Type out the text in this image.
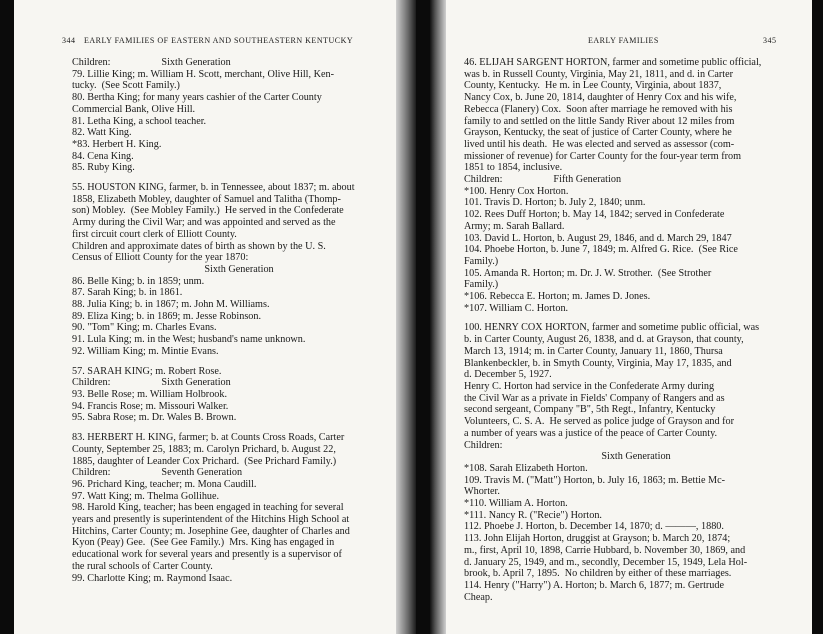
344 EARLY FAMILIES OF EASTERN AND SOUTHEASTERN KENTUCKY
Children:                    Sixth Generation
79. Lillie King; m. William H. Scott, merchant, Olive Hill, Ken-
tucky.  (See Scott Family.)
80. Bertha King; for many years cashier of the Carter County
Commercial Bank, Olive Hill.
81. Letha King, a school teacher.
82. Watt King.
*83. Herbert H. King.
84. Cena King.
85. Ruby King.
55. HOUSTON KING, farmer, b. in Tennessee, about 1837; m. about
1858, Elizabeth Mobley, daughter of Samuel and Talitha (Thomp-
son) Mobley.  (See Mobley Family.)  He served in the Confederate
Army during the Civil War; and was appointed and served as the
first circuit court clerk of Elliott County.
Children and approximate dates of birth as shown by the U. S.
Census of Elliott County for the year 1870:
Sixth Generation
86. Belle King; b. in 1859; unm.
87. Sarah King; b. in 1861.
88. Julia King; b. in 1867; m. John M. Williams.
89. Eliza King; b. in 1869; m. Jesse Robinson.
90. "Tom" King; m. Charles Evans.
91. Lula King; m. in the West; husband's name unknown.
92. William King; m. Mintie Evans.
57. SARAH KING; m. Robert Rose.
Children:                    Sixth Generation
93. Belle Rose; m. William Holbrook.
94. Francis Rose; m. Missouri Walker.
95. Sabra Rose; m. Dr. Wales B. Brown.
83. HERBERT H. KING, farmer; b. at Counts Cross Roads, Carter
County, September 25, 1883; m. Carolyn Prichard, b. August 22,
1885, daughter of Leander Cox Prichard.  (See Prichard Family.)
Children:                    Seventh Generation
96. Prichard King, teacher; m. Mona Caudill.
97. Watt King; m. Thelma Gollihue.
98. Harold King, teacher; has been engaged in teaching for several
years and presently is superintendent of the Hitchins High School at
Hitchins, Carter County; m. Josephine Gee, daughter of Charles and
Kyon (Peay) Gee.  (See Gee Family.)  Mrs. King has engaged in
educational work for several years and presently is a supervisor of
the rural schools of Carter County.
99. Charlotte King; m. Raymond Isaac.
EARLY FAMILIES	345
46. ELIJAH SARGENT HORTON, farmer and sometime public official,
was b. in Russell County, Virginia, May 21, 1811, and d. in Carter
County, Kentucky.  He m. in Lee County, Virginia, about 1837,
Nancy Cox, b. June 20, 1814, daughter of Henry Cox and his wife,
Rebecca (Flanery) Cox.  Soon after marriage he removed with his
family to and settled on the little Sandy River about 12 miles from
Grayson, Kentucky, the seat of justice of Carter County, where he
lived until his death.  He was elected and served as assessor (com-
missioner of revenue) for Carter County for the four-year term from
1851 to 1854, inclusive.
Children:                    Fifth Generation
*100. Henry Cox Horton.
101. Travis D. Horton; b. July 2, 1840; unm.
102. Rees Duff Horton; b. May 14, 1842; served in Confederate
Army; m. Sarah Ballard.
103. David L. Horton, b. August 29, 1846, and d. March 29, 1847
104. Phoebe Horton, b. June 7, 1849; m. Alfred G. Rice.  (See Rice
Family.)
105. Amanda R. Horton; m. Dr. J. W. Strother.  (See Strother
Family.)
*106. Rebecca E. Horton; m. James D. Jones.
*107. William C. Horton.
100. HENRY COX HORTON, farmer and sometime public official, was
b. in Carter County, August 26, 1838, and d. at Grayson, that county,
March 13, 1914; m. in Carter County, January 11, 1860, Thursa
Blankenbeckler, b. in Smyth County, Virginia, May 17, 1835, and
d. December 5, 1927.
Henry C. Horton had service in the Confederate Army during
the Civil War as a private in Fields' Company of Rangers and as
second sergeant, Company "B", 5th Regt., Infantry, Kentucky
Volunteers, C. S. A.  He served as police judge of Grayson and for
a number of years was a justice of the peace of Carter County.
Children:
Sixth Generation
*108. Sarah Elizabeth Horton.
109. Travis M. ("Matt") Horton, b. July 16, 1863; m. Bettie Mc-
Whorter.
*110. William A. Horton.
*111. Nancy R. ("Recie") Horton.
112. Phoebe J. Horton, b. December 14, 1870; d. ———, 1880.
113. John Elijah Horton, druggist at Grayson; b. March 20, 1874;
m., first, April 10, 1898, Carrie Hubbard, b. November 30, 1869, and
d. January 25, 1949, and m., secondly, December 15, 1949, Lela Hol-
brook, b. April 7, 1895.  No children by either of these marriages.
114. Henry ("Harry") A. Horton; b. March 6, 1877; m. Gertrude
Cheap.
